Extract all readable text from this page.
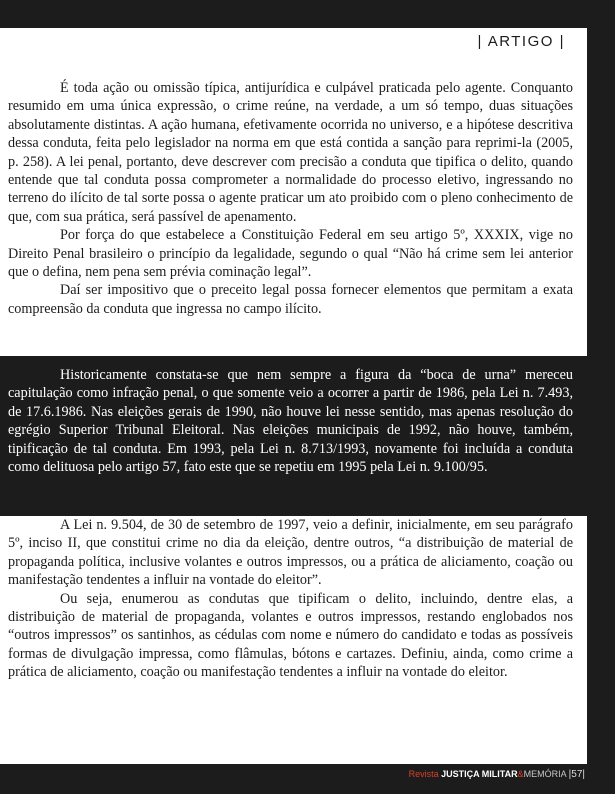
| ARTIGO |

É toda ação ou omissão típica, antijurídica e culpável praticada pelo agente. Conquanto resumido em uma única expressão, o crime reúne, na verdade, a um só tempo, duas situações absolutamente distintas. A ação humana, efetivamente ocorrida no universo, e a hipótese descritiva dessa conduta, feita pelo legislador na norma em que está contida a sanção para reprimi-la (2005, p. 258). A lei penal, portanto, deve descrever com precisão a conduta que tipifica o delito, quando entende que tal conduta possa comprometer a normalidade do processo eletivo, ingressando no terreno do ilícito de tal sorte possa o agente praticar um ato proibido com o pleno conhecimento de que, com sua prática, será passível de apenamento.

Por força do que estabelece a Constituição Federal em seu artigo 5º, XXXIX, vige no Direito Penal brasileiro o princípio da legalidade, segundo o qual “Não há crime sem lei anterior que o defina, nem pena sem prévia cominação legal”.

Daí ser impositivo que o preceito legal possa fornecer elementos que permitam a exata compreensão da conduta que ingressa no campo ilícito.

Historicamente constata-se que nem sempre a figura da “boca de urna” mereceu capitulação como infração penal, o que somente veio a ocorrer a partir de 1986, pela Lei n. 7.493, de 17.6.1986. Nas eleições gerais de 1990, não houve lei nesse sentido, mas apenas resolução do egrégio Superior Tribunal Eleitoral. Nas eleições municipais de 1992, não houve, também, tipificação de tal conduta. Em 1993, pela Lei n. 8.713/1993, novamente foi incluída a conduta como delituosa pelo artigo 57, fato este que se repetiu em 1995 pela Lei n. 9.100/95.

A Lei n. 9.504, de 30 de setembro de 1997, veio a definir, inicialmente, em seu parágrafo 5º, inciso II, que constitui crime no dia da eleição, dentre outros, “a distribuição de material de propaganda política, inclusive volantes e outros impressos, ou a prática de aliciamento, coação ou manifestação tendentes a influir na vontade do eleitor”.

Ou seja, enumerou as condutas que tipificam o delito, incluindo, dentre elas, a distribuição de material de propaganda, volantes e outros impressos, restando englobados nos “outros impressos” os santinhos, as cédulas com nome e número do candidato e todas as possíveis formas de divulgação impressa, como flâmulas, bótons e cartazes. Definiu, ainda, como crime a prática de aliciamento, coação ou manifestação tendentes a influir na vontade do eleitor.

Revista JUSTIÇA MILITAR&MEMÓRIA |57|
